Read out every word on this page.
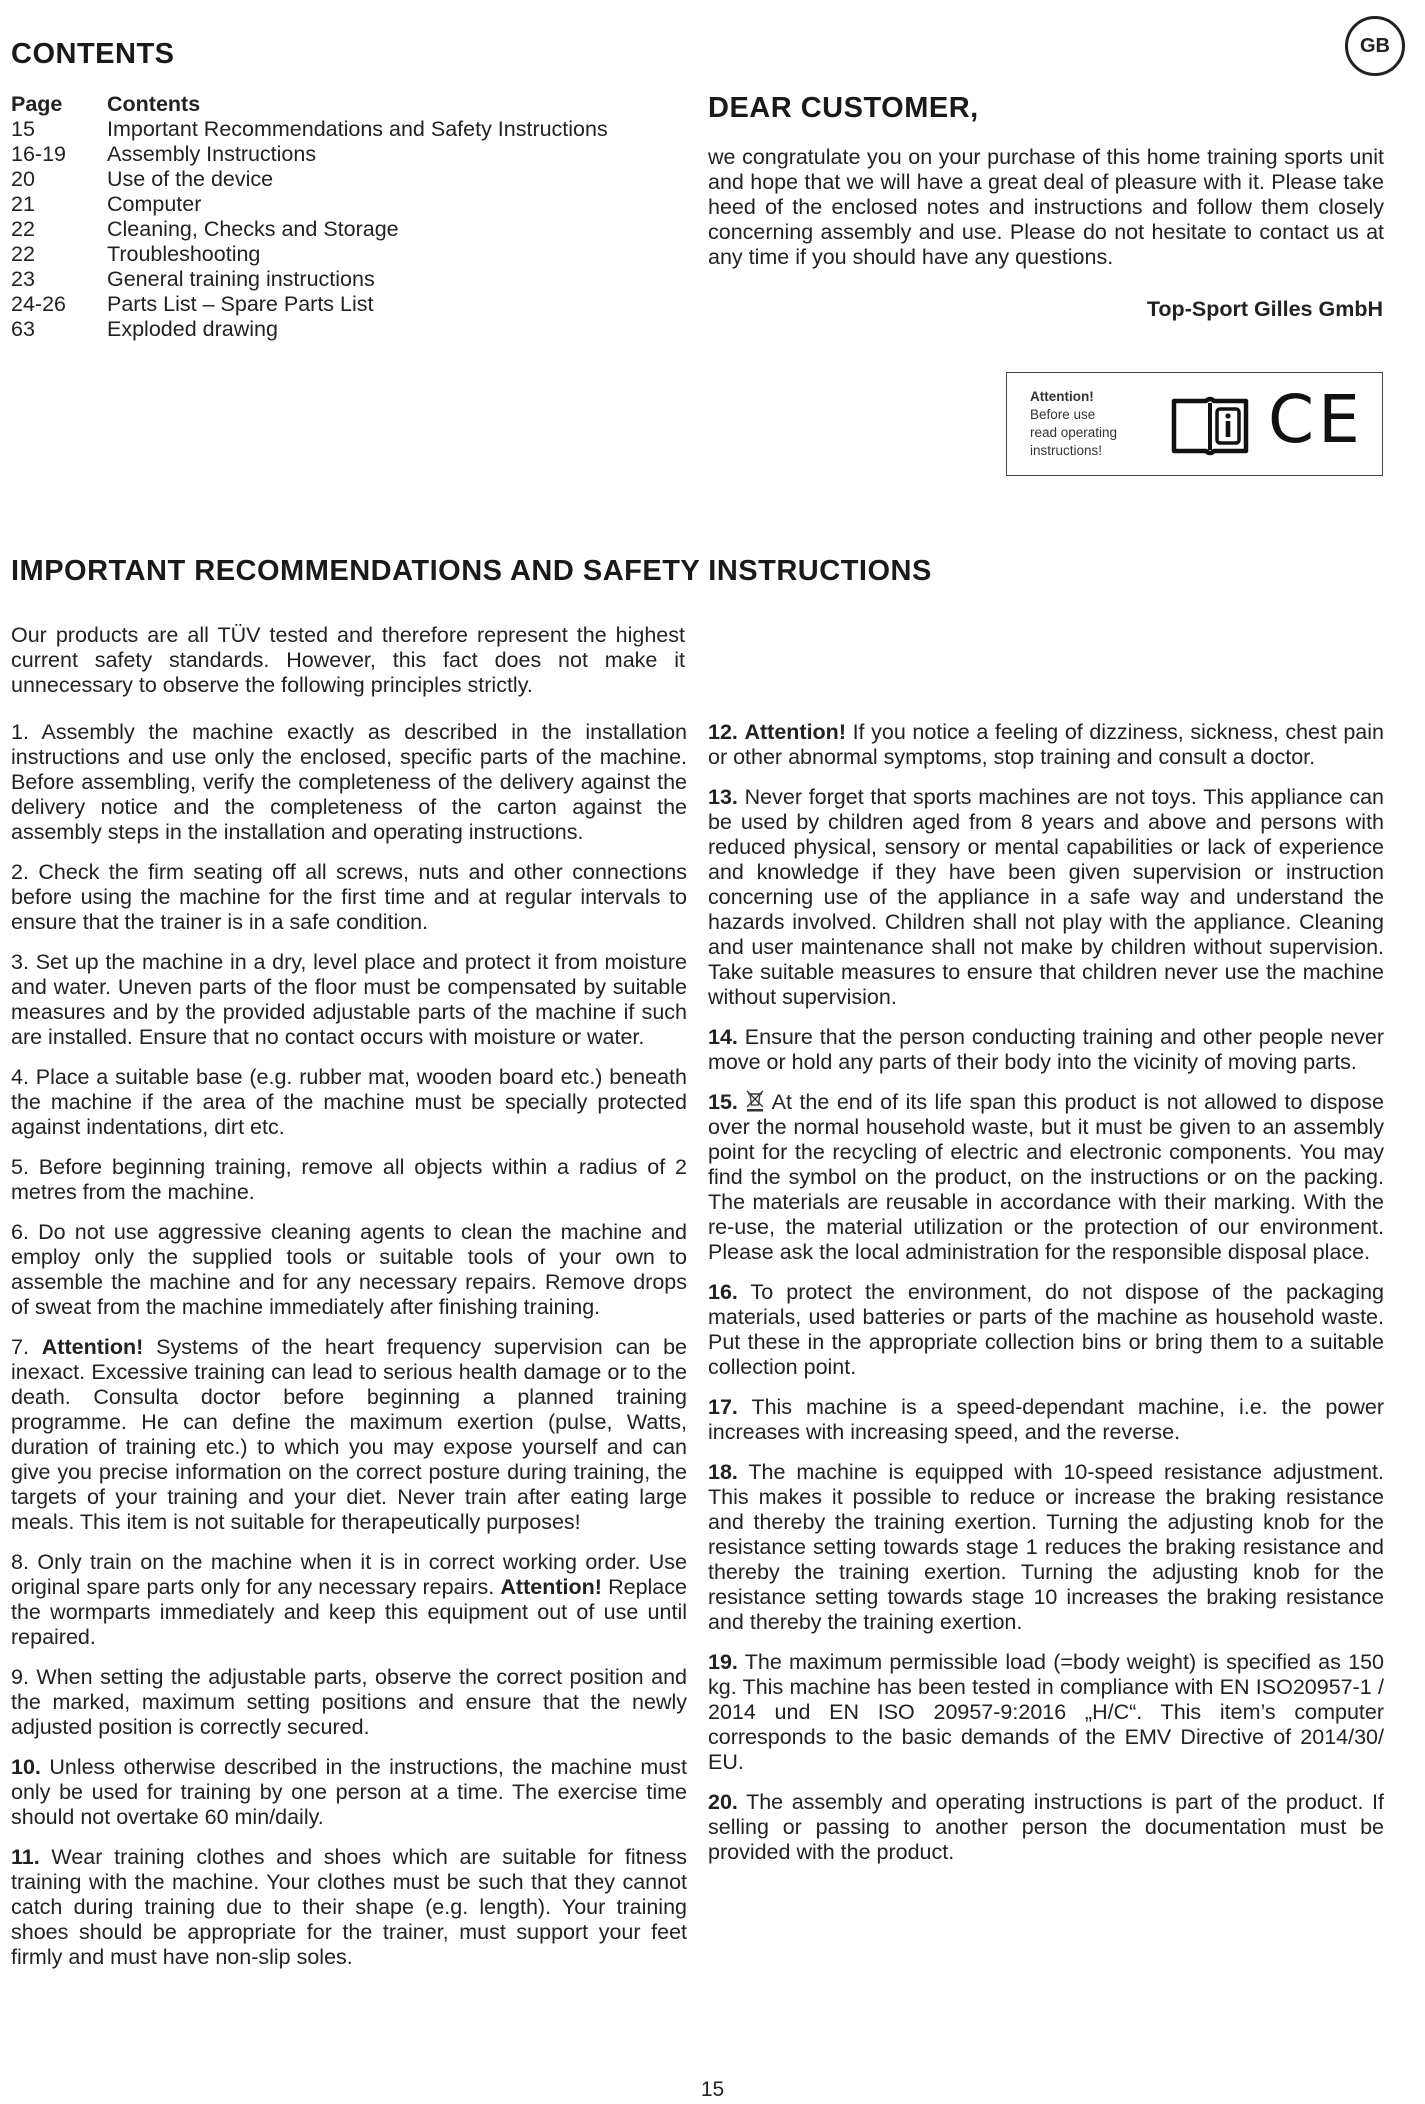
GB
CONTENTS
Page	Contents
15	Important Recommendations and Safety Instructions
16-19	Assembly Instructions
20	Use of the device
21	Computer
22	Cleaning, Checks and Storage
22	Troubleshooting
23	General training instructions
24-26	Parts List – Spare Parts List
63	Exploded drawing
DEAR CUSTOMER,
we congratulate you on your purchase of this home training sports unit and hope that we will have a great deal of pleasure with it. Please take heed of the enclosed notes and instructions and follow them closely concerning assembly and use. Please do not hesitate to contact us at any time if you should have any questions.
Top-Sport Gilles GmbH
Attention!
Before use
read operating
instructions!	CE
IMPORTANT RECOMMENDATIONS AND SAFETY INSTRUCTIONS
Our products are all TÜV tested and therefore represent the highest current safety standards. However, this fact does not make it unnecessary to observe the following principles strictly.

1. Assembly the machine exactly as described in the installation instructions and use only the enclosed, specific parts of the machine. Before assembling, verify the completeness of the delivery against the delivery notice and the completeness of the carton against the assembly steps in the installation and operating instructions.

2. Check the firm seating off all screws, nuts and other connections before using the machine for the first time and at regular intervals to ensure that the trainer is in a safe condition.

3. Set up the machine in a dry, level place and protect it from moisture and water. Uneven parts of the floor must be compensated by suitable measures and by the provided adjustable parts of the machine if such are installed. Ensure that no contact occurs with moisture or water.

4. Place a suitable base (e.g. rubber mat, wooden board etc.) beneath the machine if the area of the machine must be specially protected against indentations, dirt etc.

5. Before beginning training, remove all objects within a radius of 2 metres from the machine.

6. Do not use aggressive cleaning agents to clean the machine and employ only the supplied tools or suitable tools of your own to assemble the machine and for any necessary repairs. Remove drops of sweat from the machine immediately after finishing training.

7. Attention! Systems of the heart frequency supervision can be inexact. Excessive training can lead to serious health damage or to the death. Consulta doctor before beginning a planned training programme. He can define the maximum exertion (pulse, Watts, duration of training etc.) to which you may expose yourself and can give you precise information on the correct posture during training, the targets of your training and your diet. Never train after eating large meals. This item is not suitable for therapeutically purposes!

8. Only train on the machine when it is in correct working order. Use original spare parts only for any necessary repairs. Attention! Replace the wormparts immediately and keep this equipment out of use until repaired.

9. When setting the adjustable parts, observe the correct position and the marked, maximum setting positions and ensure that the newly adjusted position is correctly secured.

10. Unless otherwise described in the instructions, the machine must only be used for training by one person at a time. The exercise time should not overtake 60 min/daily.

11. Wear training clothes and shoes which are suitable for fitness training with the machine. Your clothes must be such that they cannot catch during training due to their shape (e.g. length). Your training shoes should be appropriate for the trainer, must support your feet firmly and must have non-slip soles.

12. Attention! If you notice a feeling of dizziness, sickness, chest pain or other abnormal symptoms, stop training and consult a doctor.

13. Never forget that sports machines are not toys. This appliance can be used by children aged from 8 years and above and persons with reduced physical, sensory or mental capabilities or lack of experience and knowledge if they have been given supervision or instruction concerning use of the appliance in a safe way and understand the hazards involved. Children shall not play with the appliance. Cleaning and user maintenance shall not make by children without supervision. Take suitable measures to ensure that children never use the machine without supervision.

14. Ensure that the person conducting training and other people never move or hold any parts of their body into the vicinity of moving parts.

15. At the end of its life span this product is not allowed to dispose over the normal household waste, but it must be given to an assembly point for the recycling of electric and electronic components. You may find the symbol on the product, on the instructions or on the packing. The materials are reusable in accordance with their marking. With the re-use, the material utilization or the protection of our environment. Please ask the local administration for the responsible disposal place.

16. To protect the environment, do not dispose of the packaging materials, used batteries or parts of the machine as household waste. Put these in the appropriate collection bins or bring them to a suitable collection point.

17. This machine is a speed-dependant machine, i.e. the power increases with increasing speed, and the reverse.

18. The machine is equipped with 10-speed resistance adjustment. This makes it possible to reduce or increase the braking resistance and thereby the training exertion. Turning the adjusting knob for the resistance setting towards stage 1 reduces the braking resistance and thereby the training exertion. Turning the adjusting knob for the resistance setting towards stage 10 increases the braking resistance and thereby the training exertion.

19. The maximum permissible load (=body weight) is specified as 150 kg. This machine has been tested in compliance with EN ISO20957-1 / 2014 und EN ISO 20957-9:2016 „H/C“. This item’s computer corresponds to the basic demands of the EMV Directive of 2014/30/ EU.

20. The assembly and operating instructions is part of the product. If selling or passing to another person the documentation must be provided with the product.

15
